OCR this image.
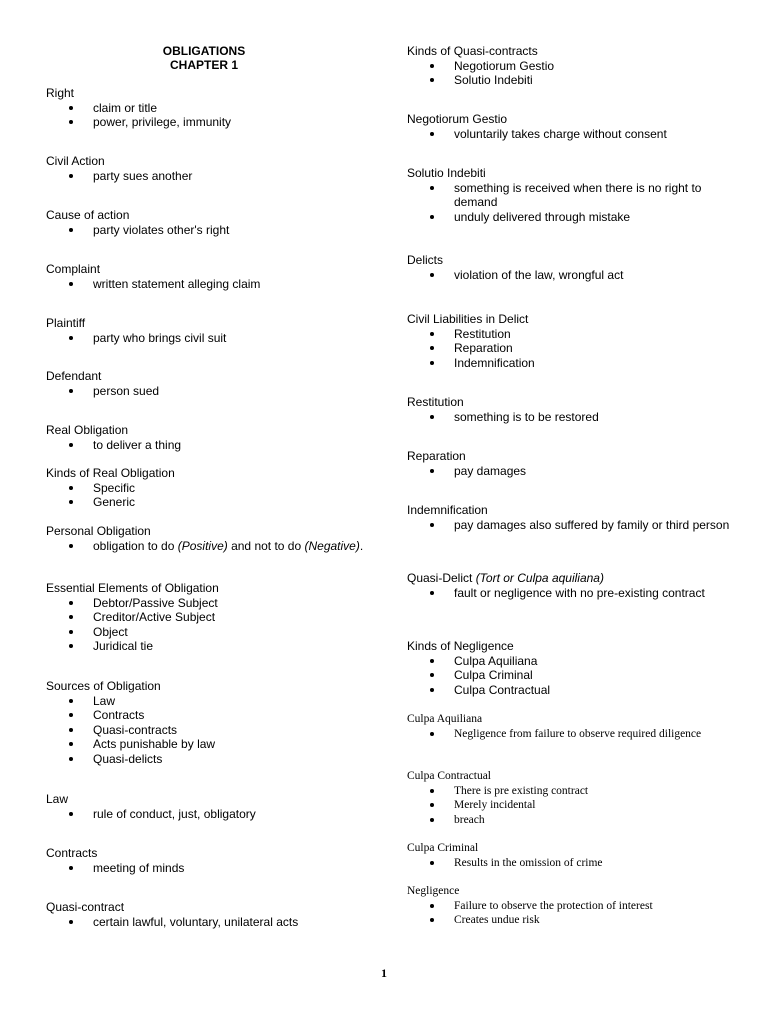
OBLIGATIONS
CHAPTER 1
Right
claim or title
power, privilege, immunity
Civil Action
party sues another
Cause of action
party violates other's right
Complaint
written statement alleging claim
Plaintiff
party who brings civil suit
Defendant
person sued
Real Obligation
to deliver a thing
Kinds of Real Obligation
Specific
Generic
Personal Obligation
obligation to do (Positive) and not to do (Negative).
Essential Elements of Obligation
Debtor/Passive Subject
Creditor/Active Subject
Object
Juridical tie
Sources of Obligation
Law
Contracts
Quasi-contracts
Acts punishable by law
Quasi-delicts
Law
rule of conduct, just, obligatory
Contracts
meeting of minds
Quasi-contract
certain lawful, voluntary, unilateral acts
Kinds of Quasi-contracts
Negotiorum Gestio
Solutio Indebiti
Negotiorum Gestio
voluntarily takes charge without consent
Solutio Indebiti
something is received when there is no right to demand
unduly delivered through mistake
Delicts
violation of the law, wrongful act
Civil Liabilities in Delict
Restitution
Reparation
Indemnification
Restitution
something is to be restored
Reparation
pay damages
Indemnification
pay damages also suffered by family or third person
Quasi-Delict (Tort or Culpa aquiliana)
fault or negligence with no pre-existing contract
Kinds of Negligence
Culpa Aquiliana
Culpa Criminal
Culpa Contractual
Culpa Aquiliana
Negligence from failure to observe required diligence
Culpa Contractual
There is pre existing contract
Merely incidental
breach
Culpa Criminal
Results in the omission of crime
Negligence
Failure to observe the protection of interest
Creates undue risk
1
